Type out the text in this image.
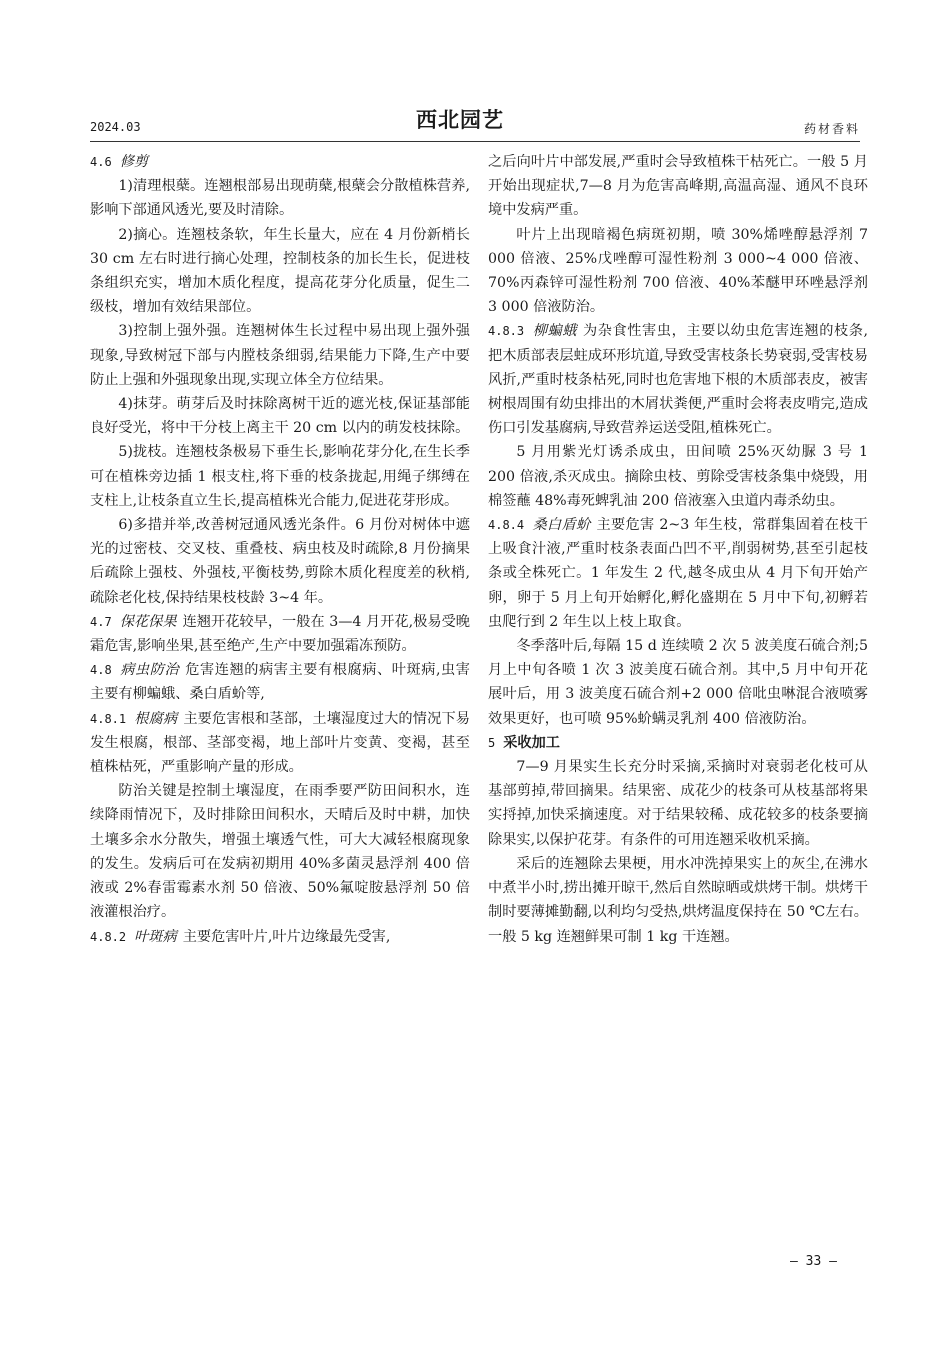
2024.03	西北园艺	药材香料

4.6 修剪

1)清理根蘖。连翘根部易出现萌蘖,根蘖会分散植株营养,影响下部通风透光,要及时清除。

2)摘心。连翘枝条软，年生长量大，应在 4 月份新梢长 30 cm 左右时进行摘心处理，控制枝条的加长生长，促进枝条组织充实，增加木质化程度，提高花芽分化质量，促生二级枝，增加有效结果部位。

3)控制上强外强。连翘树体生长过程中易出现上强外强现象,导致树冠下部与内膛枝条细弱,结果能力下降,生产中要防止上强和外强现象出现,实现立体全方位结果。

4)抹芽。萌芽后及时抹除离树干近的遮光枝,保证基部能良好受光，将中干分枝上离主干 20 cm 以内的萌发枝抹除。

5)拢枝。连翘枝条极易下垂生长,影响花芽分化,在生长季可在植株旁边插 1 根支柱,将下垂的枝条拢起,用绳子绑缚在支柱上,让枝条直立生长,提高植株光合能力,促进花芽形成。

6)多措并举,改善树冠通风透光条件。6 月份对树体中遮光的过密枝、交叉枝、重叠枝、病虫枝及时疏除,8 月份摘果后疏除上强枝、外强枝,平衡枝势,剪除木质化程度差的秋梢,疏除老化枝,保持结果枝枝龄 3~4 年。

4.7 保花保果 连翘开花较早，一般在 3—4 月开花,极易受晚霜危害,影响坐果,甚至绝产,生产中要加强霜冻预防。

4.8 病虫防治 危害连翘的病害主要有根腐病、叶斑病,虫害主要有柳蝙蛾、桑白盾蚧等,

4.8.1 根腐病 主要危害根和茎部，土壤湿度过大的情况下易发生根腐，根部、茎部变褐，地上部叶片变黄、变褐，甚至植株枯死，严重影响产量的形成。

防治关键是控制土壤湿度，在雨季要严防田间积水，连续降雨情况下，及时排除田间积水，天晴后及时中耕，加快土壤多余水分散失，增强土壤透气性，可大大减轻根腐现象的发生。发病后可在发病初期用 40%多菌灵悬浮剂 400 倍液或 2%春雷霉素水剂 50 倍液、50%氟啶胺悬浮剂 50 倍液灌根治疗。

4.8.2 叶斑病 主要危害叶片,叶片边缘最先受害,

之后向叶片中部发展,严重时会导致植株干枯死亡。一般 5 月开始出现症状,7—8 月为危害高峰期,高温高湿、通风不良环境中发病严重。

叶片上出现暗褐色病斑初期，喷 30%烯唑醇悬浮剂 7 000 倍液、25%戊唑醇可湿性粉剂 3 000~4 000 倍液、70%丙森锌可湿性粉剂 700 倍液、40%苯醚甲环唑悬浮剂 3 000 倍液防治。

4.8.3 柳蝙蛾 为杂食性害虫，主要以幼虫危害连翘的枝条,把木质部表层蛀成环形坑道,导致受害枝条长势衰弱,受害枝易风折,严重时枝条枯死,同时也危害地下根的木质部表皮，被害树根周围有幼虫排出的木屑状粪便,严重时会将表皮啃完,造成伤口引发基腐病,导致营养运送受阻,植株死亡。

5 月用紫光灯诱杀成虫，田间喷 25%灭幼脲 3 号 1 200 倍液,杀灭成虫。摘除虫枝、剪除受害枝条集中烧毁，用棉签蘸 48%毒死蜱乳油 200 倍液塞入虫道内毒杀幼虫。

4.8.4 桑白盾蚧 主要危害 2~3 年生枝，常群集固着在枝干上吸食汁液,严重时枝条表面凸凹不平,削弱树势,甚至引起枝条或全株死亡。1 年发生 2 代,越冬成虫从 4 月下旬开始产卵，卵于 5 月上旬开始孵化,孵化盛期在 5 月中下旬,初孵若虫爬行到 2 年生以上枝上取食。

冬季落叶后,每隔 15 d 连续喷 2 次 5 波美度石硫合剂;5 月上中旬各喷 1 次 3 波美度石硫合剂。其中,5 月中旬开花展叶后，用 3 波美度石硫合剂+2 000 倍吡虫啉混合液喷雾效果更好，也可喷 95%蚧螨灵乳剂 400 倍液防治。

5 采收加工

7—9 月果实生长充分时采摘,采摘时对衰弱老化枝可从基部剪掉,带回摘果。结果密、成花少的枝条可从枝基部将果实捋掉,加快采摘速度。对于结果较稀、成花较多的枝条要摘除果实,以保护花芽。有条件的可用连翘采收机采摘。

采后的连翘除去果梗，用水冲洗掉果实上的灰尘,在沸水中煮半小时,捞出摊开晾干,然后自然晾晒或烘烤干制。烘烤干制时要薄摊勤翻,以利均匀受热,烘烤温度保持在 50 ℃左右。一般 5 kg 连翘鲜果可制 1 kg 干连翘。

— 33 —
